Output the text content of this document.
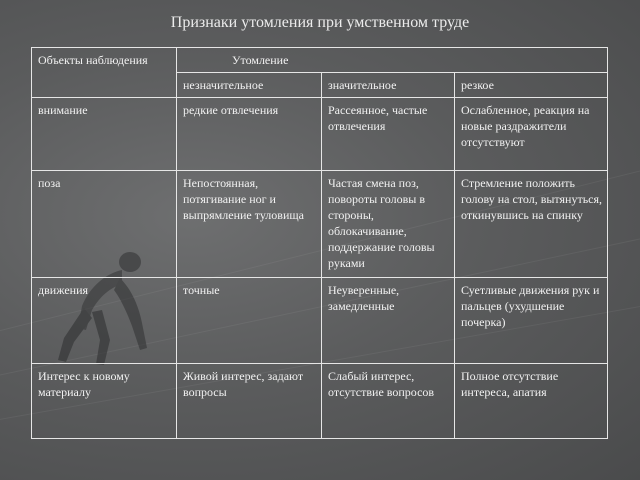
Признаки утомления при умственном труде
Объекты наблюдения	Утомление		
	незначительное	значительное	резкое
внимание	редкие отвлечения	Рассеянное, частые отвлечения	Ослабленное, реакция на новые раздражители отсутствуют
поза	Непостоянная, потягивание ног и выпрямление туловища	Частая смена поз, повороты головы в стороны, облокачивание, поддержание головы руками	Стремление положить голову на стол, вытянуться, откинувшись на спинку
движения	точные	Неуверенные, замедленные	Суетливые движения рук и пальцев (ухудшение почерка)
Интерес к новому материалу	Живой интерес, задают вопросы	Слабый интерес, отсутствие вопросов	Полное отсутствие интереса, апатия
